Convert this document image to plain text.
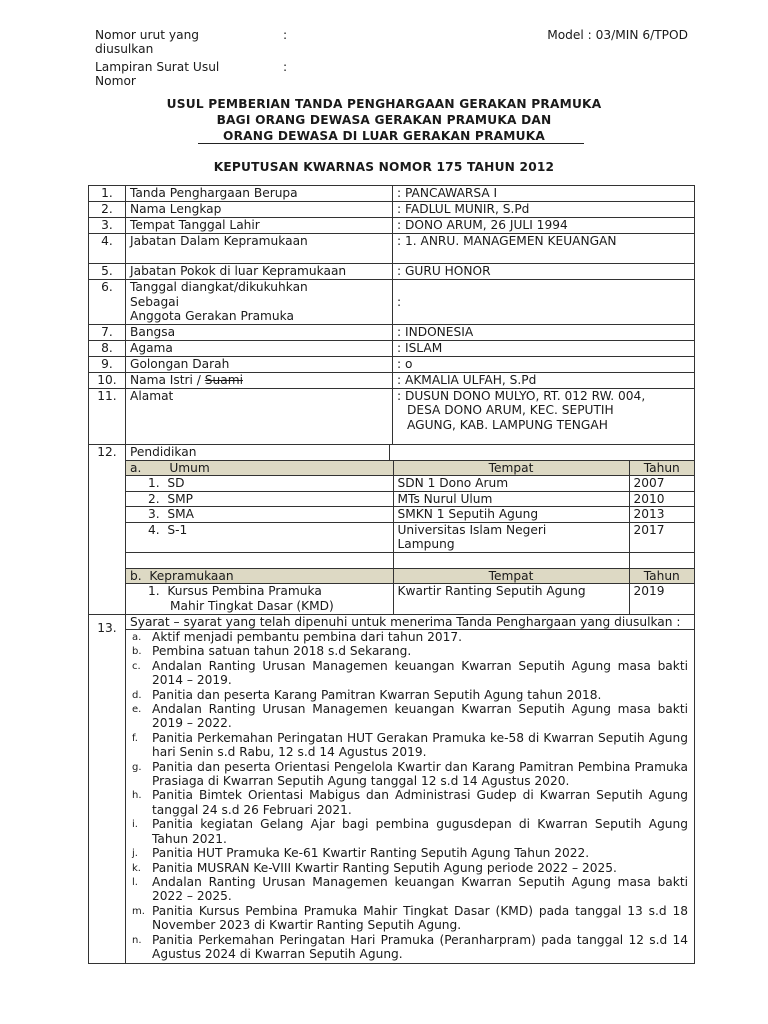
Nomor urut yang
diusulkan
:	Model : 03/MIN 6/TPOD
Lampiran Surat Usul
Nomor
:
USUL PEMBERIAN TANDA PENGHARGAAN GERAKAN PRAMUKA
BAGI ORANG DEWASA GERAKAN PRAMUKA DAN
ORANG DEWASA DI LUAR GERAKAN PRAMUKA
KEPUTUSAN KWARNAS NOMOR 175 TAHUN 2012
1.	Tanda Penghargaan Berupa	: PANCAWARSA I
2.	Nama Lengkap	: FADLUL MUNIR, S.Pd
3.	Tempat Tanggal Lahir	: DONO ARUM, 26 JULI 1994
4.	Jabatan Dalam Kepramukaan	: 1. ANRU. MANAGEMEN KEUANGAN
5.	Jabatan Pokok di luar Kepramukaan	: GURU HONOR
6.	Tanggal diangkat/dikukuhkan
Sebagai
Anggota Gerakan Pramuka
	:
7.	Bangsa	: INDONESIA
8.	Agama	: ISLAM
9.	Golongan Darah	: o
10.	Nama Istri / Suami	: AKMALIA ULFAH, S.Pd
11.	Alamat	: DUSUN DONO MULYO, RT. 012 RW. 004,
DESA DONO ARUM, KEC. SEPUTIH
AGUNG, KAB. LAMPUNG TENGAH

12.	Pendidikan
a. Umum	Tempat	Tahun
1. SD	SDN 1 Dono Arum	2007
2. SMP	MTs Nurul Ulum	2010
3. SMA	SMKN 1 Seputih Agung	2013
4. S-1	Universitas Islam Negeri
Lampung
	2017

b. Kepramukaan	Tempat	Tahun

1. Kursus Pembina Pramuka
Mahir Tingkat Dasar (KMD)
	Kwartir Ranting Seputih Agung	2019

13.	Syarat – syarat yang telah dipenuhi untuk menerima Tanda Penghargaan yang diusulkan :
a. Aktif menjadi pembantu pembina dari tahun 2017.
b. Pembina satuan tahun 2018 s.d Sekarang.
c. Andalan Ranting Urusan Managemen keuangan Kwarran Seputih Agung masa bakti 2014 – 2019.
d. Panitia dan peserta Karang Pamitran Kwarran Seputih Agung tahun 2018.
e. Andalan Ranting Urusan Managemen keuangan Kwarran Seputih Agung masa bakti 2019 – 2022.
f. Panitia Perkemahan Peringatan HUT Gerakan Pramuka ke-58 di Kwarran Seputih Agung hari Senin s.d Rabu, 12 s.d 14 Agustus 2019.
g. Panitia dan peserta Orientasi Pengelola Kwartir dan Karang Pamitran Pembina Pramuka Prasiaga di Kwarran Seputih Agung tanggal 12 s.d 14 Agustus 2020.
h. Panitia Bimtek Orientasi Mabigus dan Administrasi Gudep di Kwarran Seputih Agung tanggal 24 s.d 26 Februari 2021.
i. Panitia kegiatan Gelang Ajar bagi pembina gugusdepan di Kwarran Seputih Agung Tahun 2021.
j. Panitia HUT Pramuka Ke-61 Kwartir Ranting Seputih Agung Tahun 2022.
k. Panitia MUSRAN Ke-VIII Kwartir Ranting Seputih Agung periode 2022 – 2025.
l. Andalan Ranting Urusan Managemen keuangan Kwarran Seputih Agung masa bakti 2022 – 2025.
m. Panitia Kursus Pembina Pramuka Mahir Tingkat Dasar (KMD) pada tanggal 13 s.d 18 November 2023 di Kwartir Ranting Seputih Agung.
n. Panitia Perkemahan Peringatan Hari Pramuka (Peranharpram) pada tanggal 12 s.d 14 Agustus 2024 di Kwarran Seputih Agung.
